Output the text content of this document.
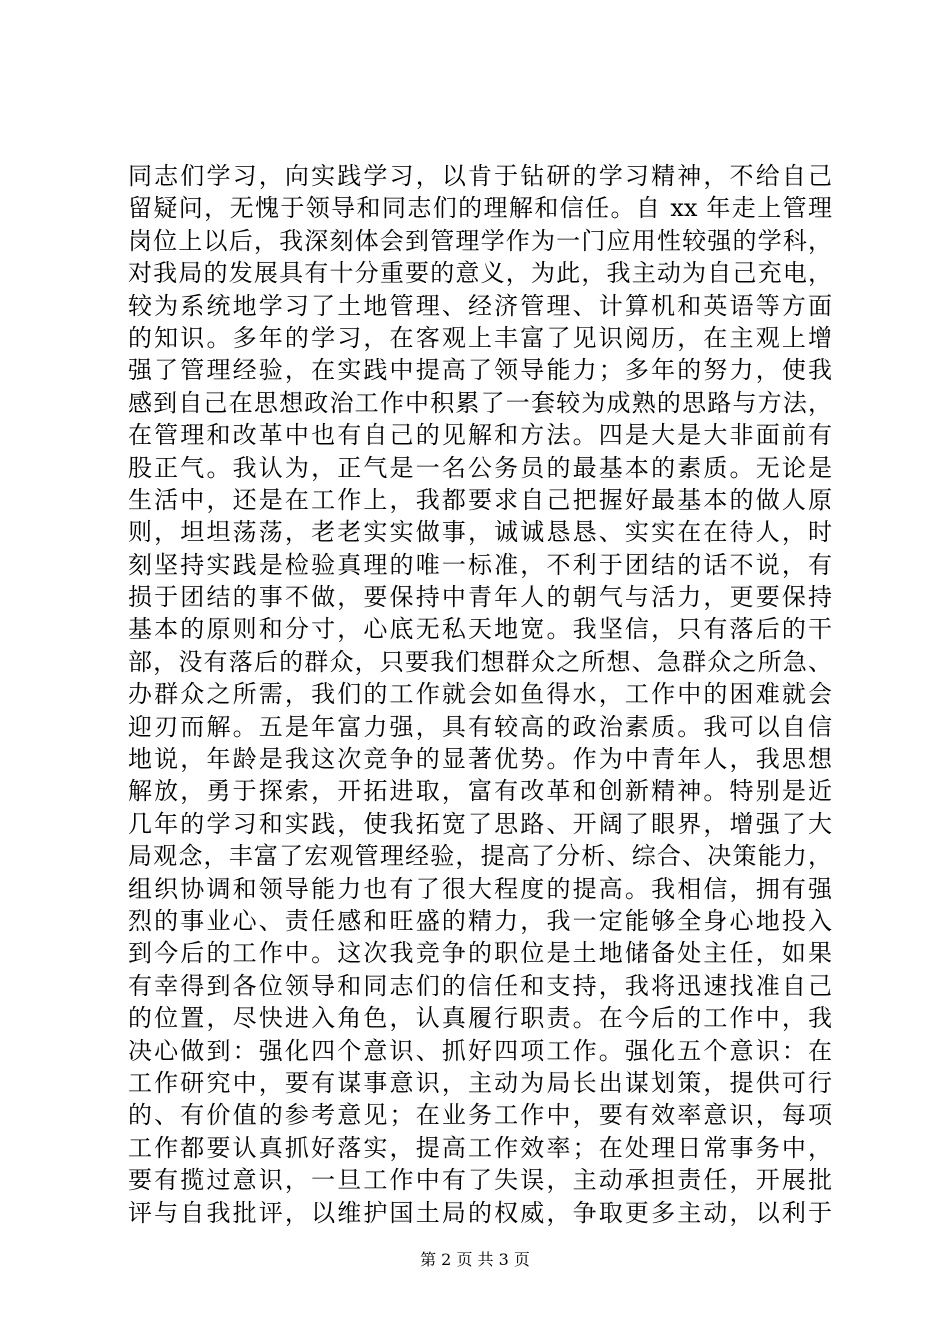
同志们学习，向实践学习，以肯于钻研的学习精神，不给自己
留疑问，无愧于领导和同志们的理解和信任。自 xx 年走上管理
岗位上以后，我深刻体会到管理学作为一门应用性较强的学科，
对我局的发展具有十分重要的意义，为此，我主动为自己充电，
较为系统地学习了土地管理、经济管理、计算机和英语等方面
的知识。多年的学习，在客观上丰富了见识阅历，在主观上增
强了管理经验，在实践中提高了领导能力；多年的努力，使我
感到自己在思想政治工作中积累了一套较为成熟的思路与方法，
在管理和改革中也有自己的见解和方法。四是大是大非面前有
股正气。我认为，正气是一名公务员的最基本的素质。无论是
生活中，还是在工作上，我都要求自己把握好最基本的做人原
则，坦坦荡荡，老老实实做事，诚诚恳恳、实实在在待人，时
刻坚持实践是检验真理的唯一标准，不利于团结的话不说，有
损于团结的事不做，要保持中青年人的朝气与活力，更要保持
基本的原则和分寸，心底无私天地宽。我坚信，只有落后的干
部，没有落后的群众，只要我们想群众之所想、急群众之所急、
办群众之所需，我们的工作就会如鱼得水，工作中的困难就会
迎刃而解。五是年富力强，具有较高的政治素质。我可以自信
地说，年龄是我这次竞争的显著优势。作为中青年人，我思想
解放，勇于探索，开拓进取，富有改革和创新精神。特别是近
几年的学习和实践，使我拓宽了思路、开阔了眼界，增强了大
局观念，丰富了宏观管理经验，提高了分析、综合、决策能力，
组织协调和领导能力也有了很大程度的提高。我相信，拥有强
烈的事业心、责任感和旺盛的精力，我一定能够全身心地投入
到今后的工作中。这次我竞争的职位是土地储备处主任，如果
有幸得到各位领导和同志们的信任和支持，我将迅速找准自己
的位置，尽快进入角色，认真履行职责。在今后的工作中，我
决心做到：强化四个意识、抓好四项工作。强化五个意识：在
工作研究中，要有谋事意识，主动为局长出谋划策，提供可行
的、有价值的参考意见；在业务工作中，要有效率意识，每项
工作都要认真抓好落实，提高工作效率；在处理日常事务中，
要有揽过意识，一旦工作中有了失误，主动承担责任，开展批
评与自我批评，以维护国土局的权威，争取更多主动，以利于
第 2 页 共 3 页
